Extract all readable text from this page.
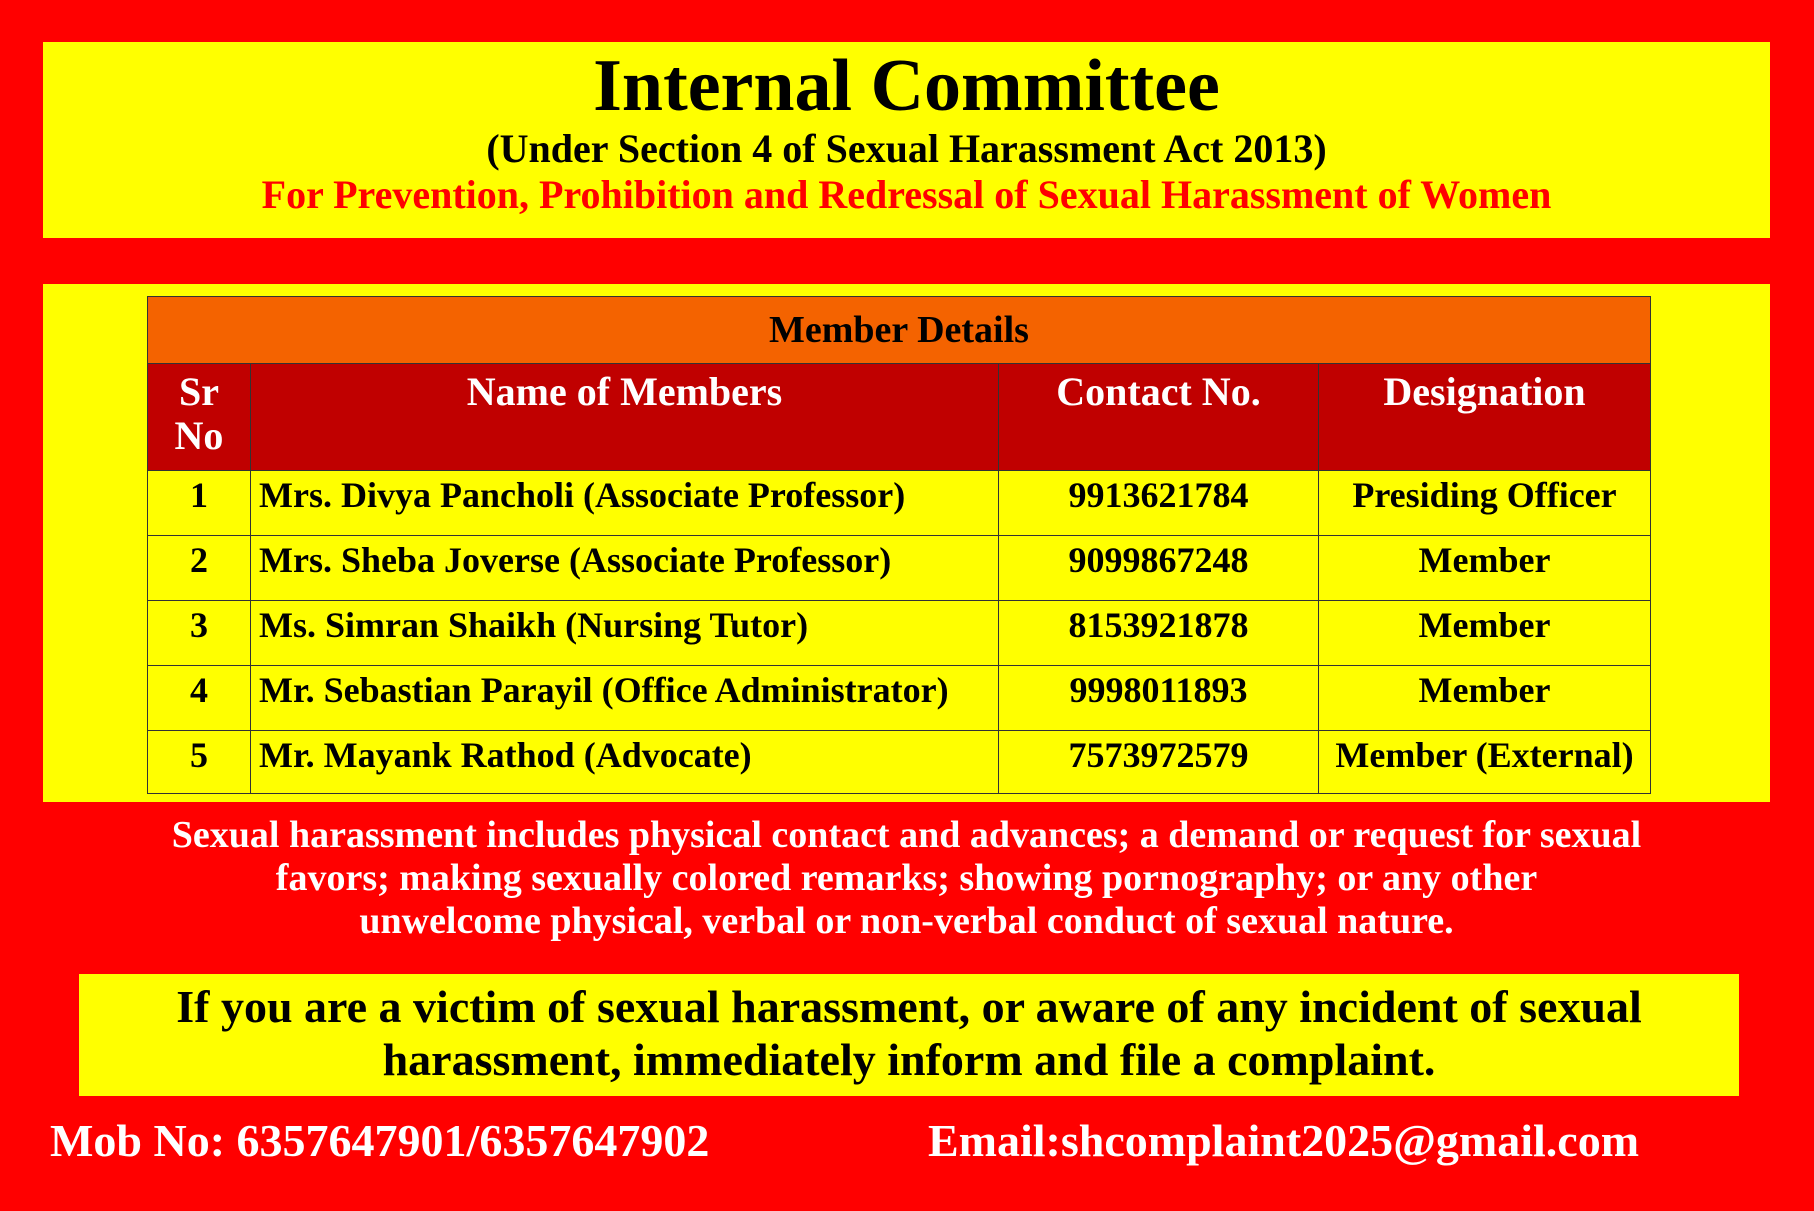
Internal Committee
(Under Section 4 of Sexual Harassment Act 2013)
For Prevention, Prohibition and Redressal of Sexual Harassment of Women
Member Details			
Sr
No	Name of Members	Contact No.	Designation
1	Mrs. Divya Pancholi (Associate Professor)	9913621784	Presiding Officer
2	Mrs. Sheba Joverse (Associate Professor)	9099867248	Member
3	Ms. Simran Shaikh (Nursing Tutor)	8153921878	Member
4	Mr. Sebastian Parayil (Office Administrator)	9998011893	Member
5	Mr. Mayank Rathod (Advocate)	7573972579	Member (External)
Sexual harassment includes physical contact and advances; a demand or request for sexual
favors; making sexually colored remarks; showing pornography; or any other
unwelcome physical, verbal or non-verbal conduct of sexual nature.
If you are a victim of sexual harassment, or aware of any incident of sexual
harassment, immediately inform and file a complaint.
Mob No: 6357647901/6357647902	Email:shcomplaint2025@gmail.com
